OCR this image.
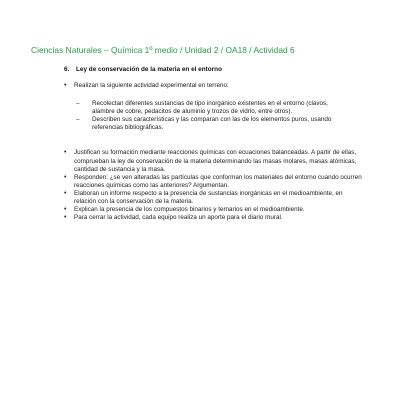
Ciencias Naturales – Química 1º medio / Unidad 2 / OA18 / Actividad 6
6. Ley de conservación de la materia en el entorno
• Realizan la siguiente actividad experimental en terreno:
– Recolectan diferentes sustancias de tipo inorgánico existentes en el entorno (clavos, alambre de cobre, pedacitos de aluminio y trozos de vidrio, entre otros).
– Describen sus características y las comparan con las de los elementos puros, usando referencias bibliográficas.
• Justifican su formación mediante reacciones químicas con ecuaciones balanceadas. A partir de ellas, comprueban la ley de conservación de la materia determinando las masas molares, masas atómicas, cantidad de sustancia y la masa.
• Responden: ¿se ven alteradas las partículas que conforman los materiales del entorno cuando ocurren reacciones químicas como las anteriores? Argumentan.
• Elaboran un informe respecto a la presencia de sustancias inorgánicas en el medioambiente, en relación con la conservación de la materia.
• Explican la presencia de los compuestos binarios y ternarios en el medioambiente.
• Para cerrar la actividad, cada equipo realiza un aporte para el diario mural.
